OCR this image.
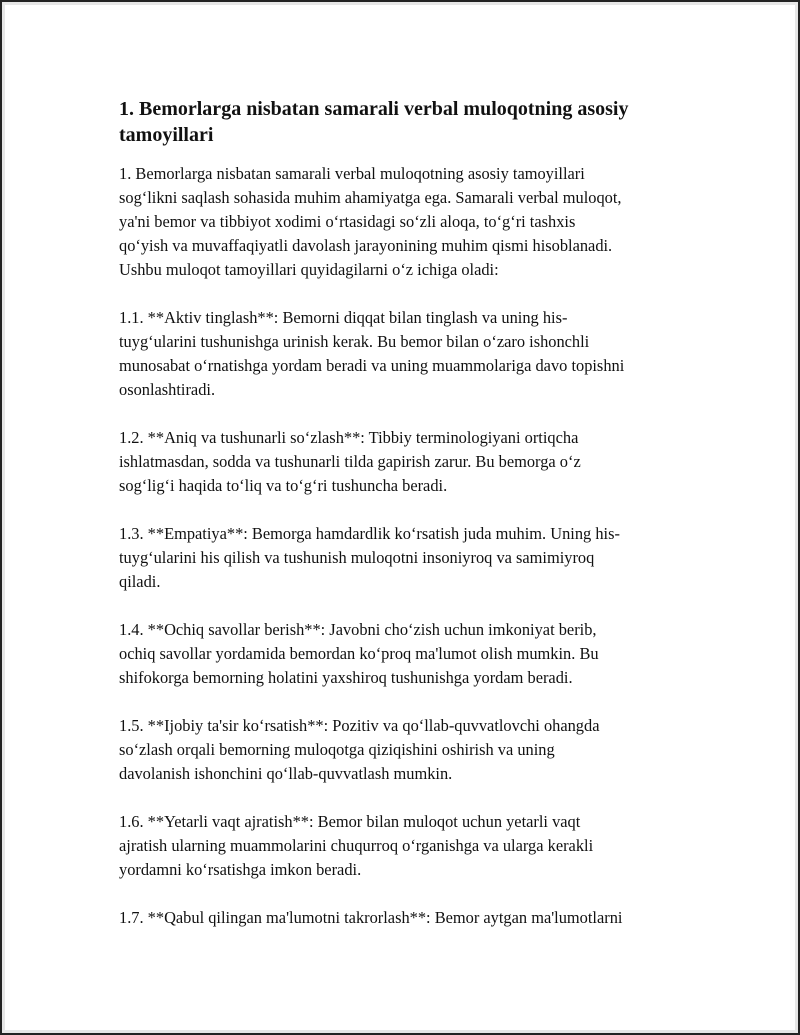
1. Bemorlarga nisbatan samarali verbal muloqotning asosiy tamoyillari

1. Bemorlarga nisbatan samarali verbal muloqotning asosiy tamoyillari
sog‘likni saqlash sohasida muhim ahamiyatga ega. Samarali verbal muloqot,
ya'ni bemor va tibbiyot xodimi o‘rtasidagi so‘zli aloqa, to‘g‘ri tashxis
qo‘yish va muvaffaqiyatli davolash jarayonining muhim qismi hisoblanadi.
Ushbu muloqot tamoyillari quyidagilarni o‘z ichiga oladi:

1.1. **Aktiv tinglash**: Bemorni diqqat bilan tinglash va uning his-
tuyg‘ularini tushunishga urinish kerak. Bu bemor bilan o‘zaro ishonchli
munosabat o‘rnatishga yordam beradi va uning muammolariga davo topishni
osonlashtiradi.

1.2. **Aniq va tushunarli so‘zlash**: Tibbiy terminologiyani ortiqcha
ishlatmasdan, sodda va tushunarli tilda gapirish zarur. Bu bemorga o‘z
sog‘lig‘i haqida to‘liq va to‘g‘ri tushuncha beradi.

1.3. **Empatiya**: Bemorga hamdardlik ko‘rsatish juda muhim. Uning his-
tuyg‘ularini his qilish va tushunish muloqotni insoniyroq va samimiyroq
qiladi.

1.4. **Ochiq savollar berish**: Javobni cho‘zish uchun imkoniyat berib,
ochiq savollar yordamida bemordan ko‘proq ma'lumot olish mumkin. Bu
shifokorga bemorning holatini yaxshiroq tushunishga yordam beradi.

1.5. **Ijobiy ta'sir ko‘rsatish**: Pozitiv va qo‘llab-quvvatlovchi ohangda
so‘zlash orqali bemorning muloqotga qiziqishini oshirish va uning
davolanish ishonchini qo‘llab-quvvatlash mumkin.

1.6. **Yetarli vaqt ajratish**: Bemor bilan muloqot uchun yetarli vaqt
ajratish ularning muammolarini chuqurroq o‘rganishga va ularga kerakli
yordamni ko‘rsatishga imkon beradi.

1.7. **Qabul qilingan ma'lumotni takrorlash**: Bemor aytgan ma'lumotlarni
